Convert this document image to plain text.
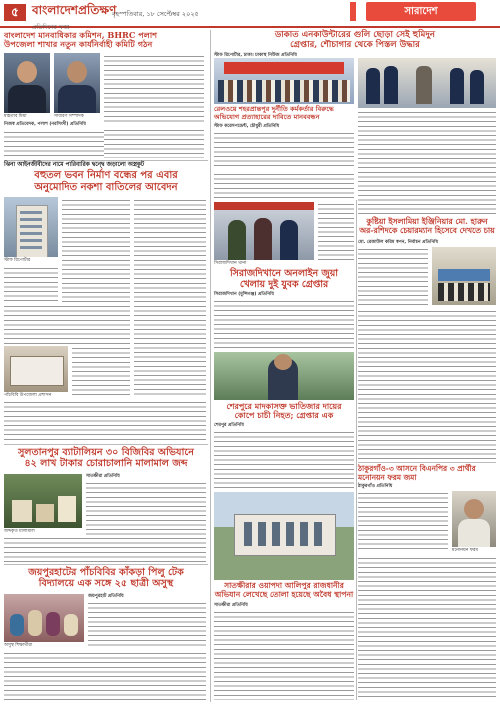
৫	বাংলাদেশপ্রতিক্ষণ
প্রতিদিনের খবর
বৃহস্পতিবার, ১৮ সেপ্টেম্বর ২০২৫	সারাদেশ
বাংলাদেশ মানবাধিকার কমিশন, BHRC পলাশ
উপজেলা শাখার নতুন কার্যনির্বাহী কমিটি গঠন
মাহতাব মিয়া	সাধারণ সম্পাদক
নিজস্ব প্রতিবেদক, পলাশ (নরসিংদী) প্রতিনিধি
ঝিনা আইনজীবীদের নামে পারিবারিক দ্বন্দ্বে জড়ালো অস্ত্রকুট
বহুতল ভবন নির্মাণ বন্ধের পর এবার
অনুমোদিত নকশা বাতিলের আবেদন
স্টাফ রিপোর্টার
পাঁচবিবি উপজেলা প্রশাসন
সুলতানপুর ব্যাটালিয়ন ৩০ বিজিবির অভিযানে
৪২ লাখ টাকার চোরাচালানি মালামাল জব্দ
জব্দকৃত মালামাল
সাতক্ষীরা প্রতিনিধি
জয়পুরহাটের পাঁচবিবির কাঁকড়া পিলু টেক
বিদ্যালয়ে এক সঙ্গে ২৫ ছাত্রী অসুস্থ
অসুস্থ শিক্ষার্থীরা
জয়পুরহাট প্রতিনিধি
ডাকাত এনকাউন্টারের গুলি ছোড়া সেই হুমিদুন
গ্রেপ্তার, শৌচাগার থেকে পিস্তল উদ্ধার
স্টাফ রিপোর্টার, ঢাকা। ঢাকাস্থ নিউজ প্রতিনিধি
রেলওয়ে শহরপ্রান্তপুর দুর্নীতি কর্মকর্তার বিরুদ্ধে অভিযোগ প্রত্যাহারের দাবিতে মানববন্ধন
স্টাফ করেসপন্ডেন্ট, চৌধুরী প্রতিনিধি
সিরাজদিখান থানা
সিরাজদিখানে অনলাইন জুয়া
খেলায় দুই যুবক গ্রেপ্তার
সিরাজদিখান (মুন্সিগঞ্জ) প্রতিনিধি
কুষ্টিয়া ইসলামিয়া ইঞ্জিনিয়ার মো. হারুন
অর-রশিদকে চেয়ারম্যান হিসেবে দেখতে চায়
মো. রেজাউল করিম স্বপন, নির্বাচন প্রতিনিধি
শেরপুরে মাদকাসক্ত ভাতিজার দায়ের
কোপে চাচী নিহত; গ্রেপ্তার এক
শেরপুর প্রতিনিধি
সাতক্ষীরার ওয়াপদা আলিপুর রাজধানীর
অভিযান লেখেছে তোলা হয়েছে অবৈধ স্থাপনা
সাতক্ষীরা প্রতিনিধি
ঠাকুরগাঁও-৩ আসনে বিএনপির ৩ প্রার্থীর মনোনয়ন ফরম জমা
ঠাকুরগাঁও প্রতিনিধি
মনোনয়ন ফরম
